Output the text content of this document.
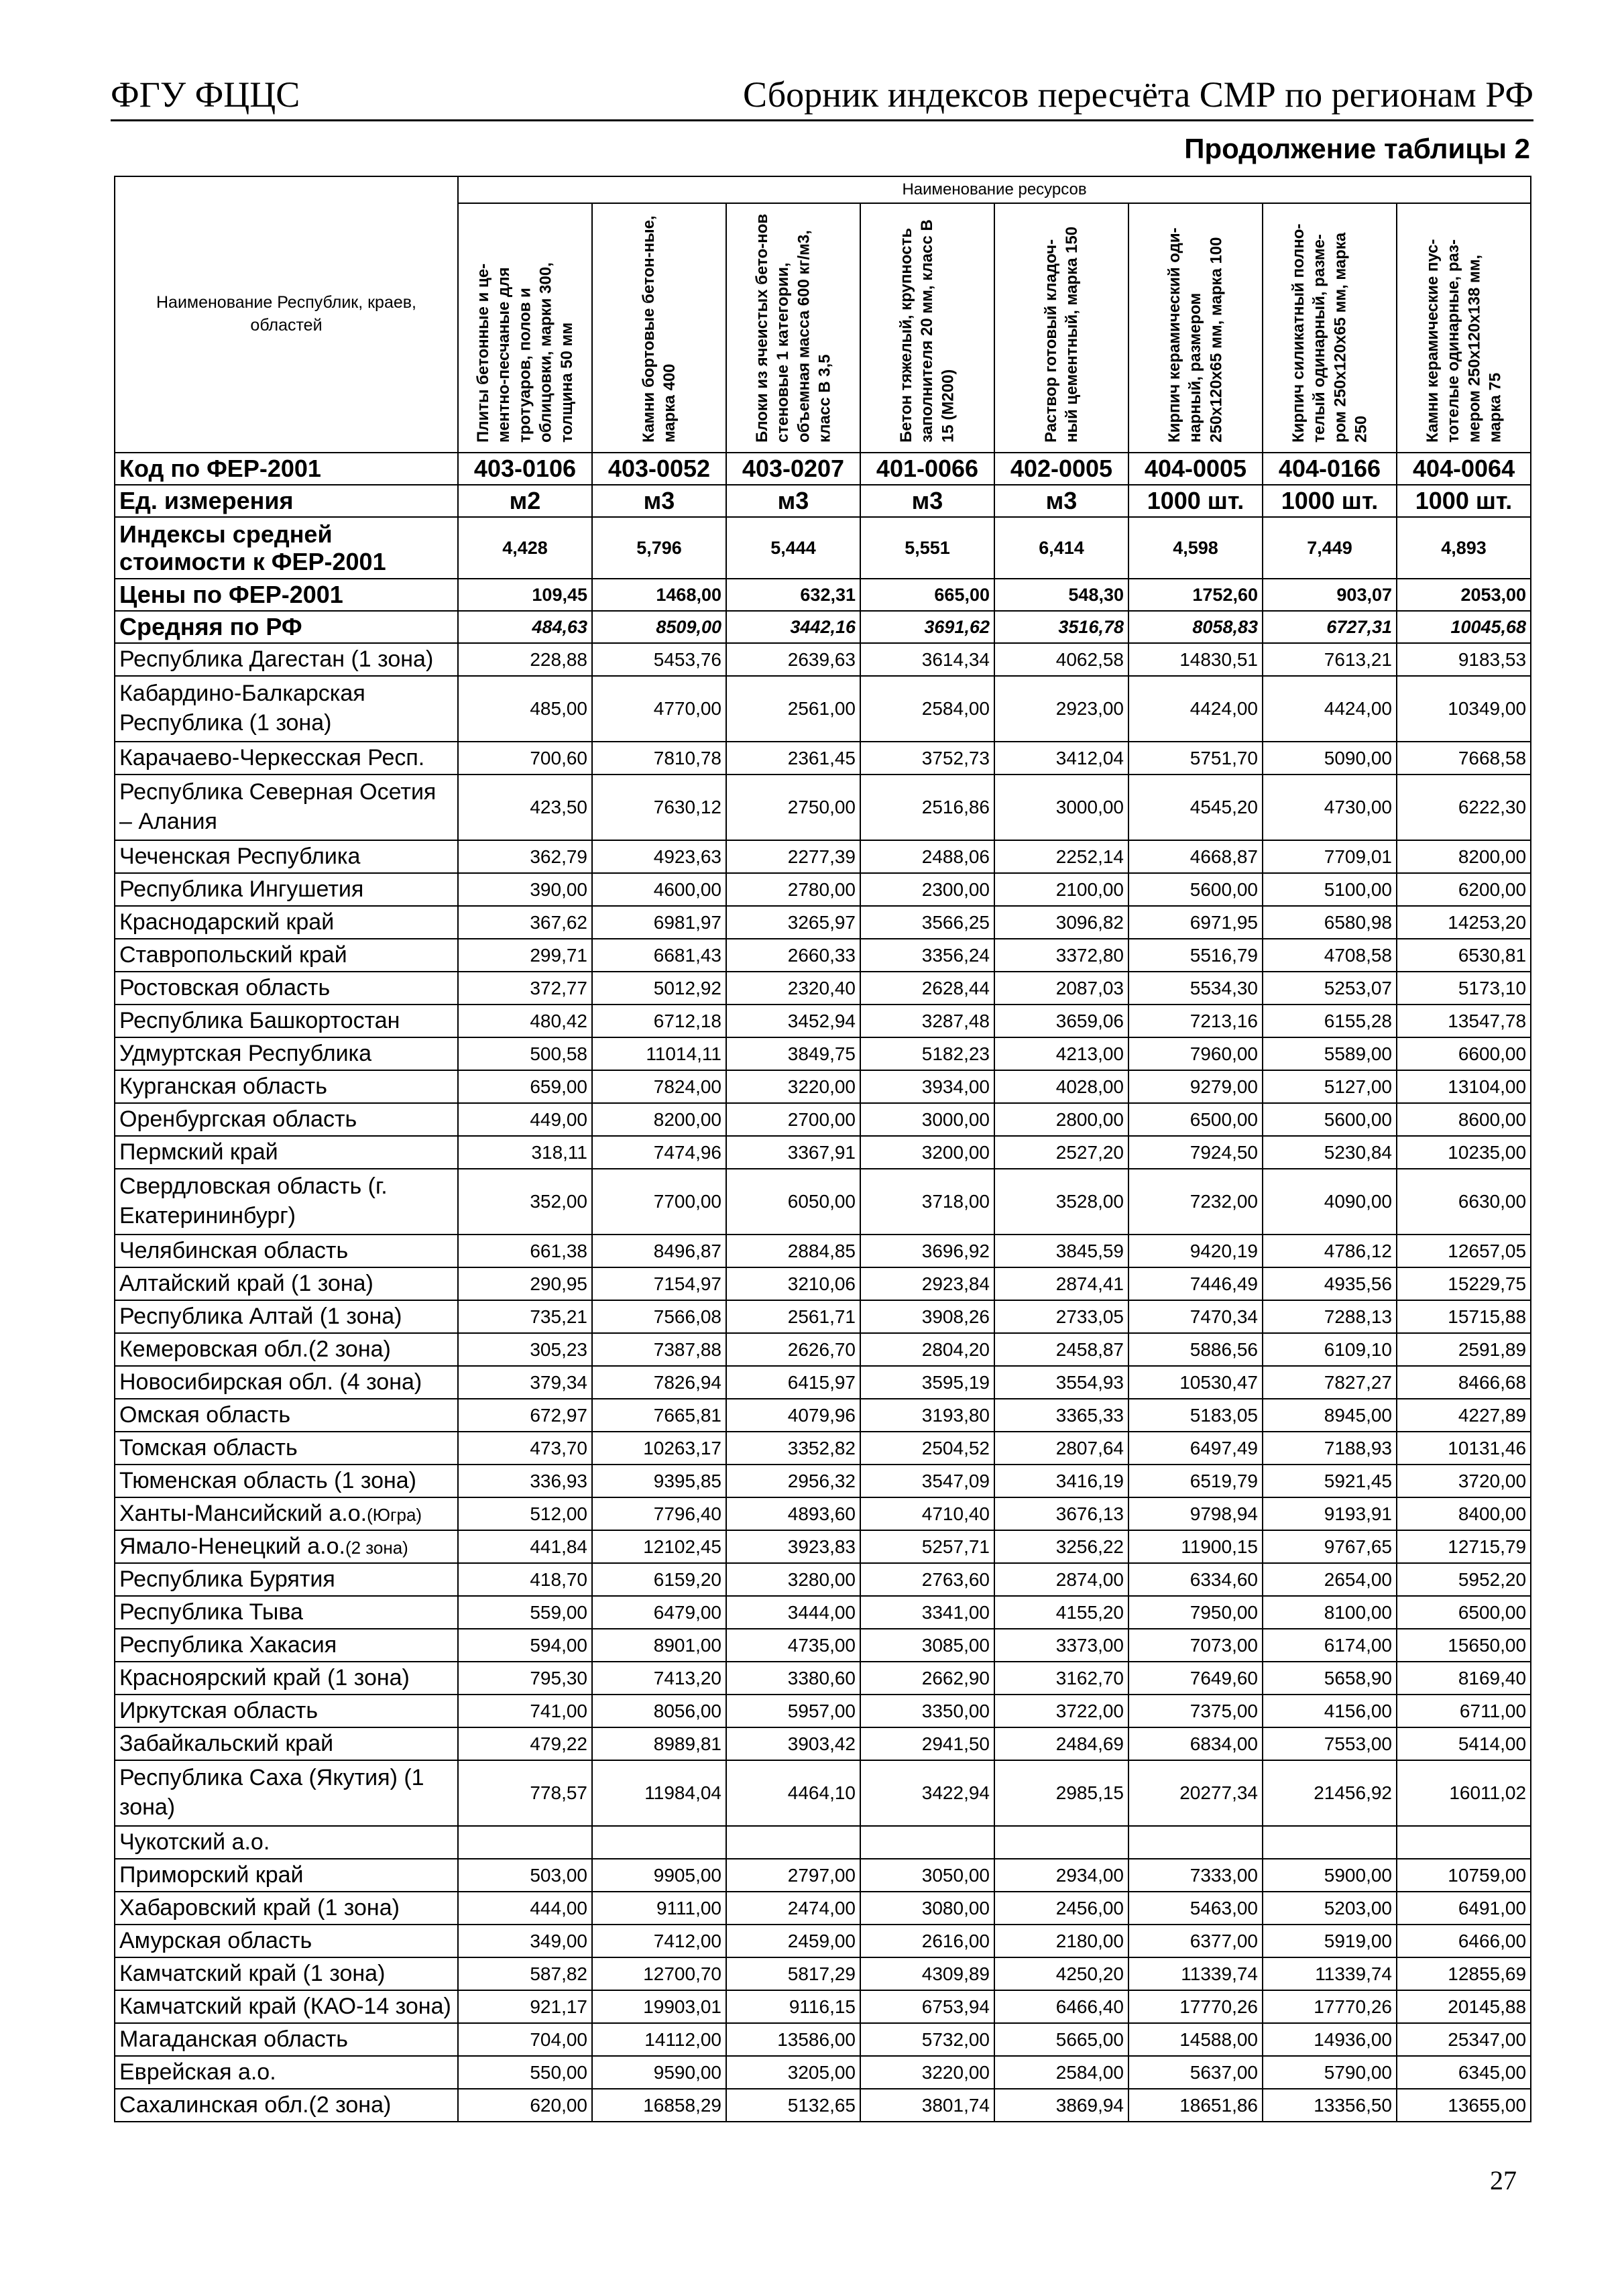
ФГУ ФЦЦС	Сборник индексов пересчёта СМР по регионам РФ
Продолжение таблицы 2
Наименование Республик, краев, областей	Наименование ресурсов							

	Плиты бетонные и це-ментно-песчаные для тротуаров, полов и облицовки, марки 300, толщина 50 мм	Камни бортовые бетон-ные, марка 400	Блоки из ячеистых бето-нов стеновые 1 категории, объемная масса 600 кг/м3, класс В 3,5	Бетон тяжелый, крупность заполнителя 20 мм, класс В 15 (М200)	Раствор готовый кладоч-ный цементный, марка 150	Кирпич керамический оди-нарный, размером 250х120х65 мм, марка 100	Кирпич силикатный полно-телый одинарный, разме-ром 250х120х65 мм, марка 250	Камни керамические пус-тотелые одинарные, раз-мером 250х120х138 мм, марка 75

Код по ФЕР-2001	403-0106	403-0052	403-0207	401-0066	402-0005	404-0005	404-0166	404-0064
Ед. измерения	м2	м3	м3	м3	м3	1000 шт.	1000 шт.	1000 шт.
Индексы средней стоимости к ФЕР-2001	4,428	5,796	5,444	5,551	6,414	4,598	7,449	4,893
Цены по ФЕР-2001	109,45	1468,00	632,31	665,00	548,30	1752,60	903,07	2053,00
Средняя по РФ	484,63	8509,00	3442,16	3691,62	3516,78	8058,83	6727,31	10045,68
Республика Дагестан (1 зона)	228,88	5453,76	2639,63	3614,34	4062,58	14830,51	7613,21	9183,53
Кабардино-Балкарская Республика (1 зона)	485,00	4770,00	2561,00	2584,00	2923,00	4424,00	4424,00	10349,00
Карачаево-Черкесская Респ.	700,60	7810,78	2361,45	3752,73	3412,04	5751,70	5090,00	7668,58
Республика Северная Осетия – Алания	423,50	7630,12	2750,00	2516,86	3000,00	4545,20	4730,00	6222,30
Чеченская Республика	362,79	4923,63	2277,39	2488,06	2252,14	4668,87	7709,01	8200,00
Республика Ингушетия	390,00	4600,00	2780,00	2300,00	2100,00	5600,00	5100,00	6200,00
Краснодарский край	367,62	6981,97	3265,97	3566,25	3096,82	6971,95	6580,98	14253,20
Ставропольский край	299,71	6681,43	2660,33	3356,24	3372,80	5516,79	4708,58	6530,81
Ростовская область	372,77	5012,92	2320,40	2628,44	2087,03	5534,30	5253,07	5173,10
Республика Башкортостан	480,42	6712,18	3452,94	3287,48	3659,06	7213,16	6155,28	13547,78
Удмуртская Республика	500,58	11014,11	3849,75	5182,23	4213,00	7960,00	5589,00	6600,00
Курганская область	659,00	7824,00	3220,00	3934,00	4028,00	9279,00	5127,00	13104,00
Оренбургская область	449,00	8200,00	2700,00	3000,00	2800,00	6500,00	5600,00	8600,00
Пермский край	318,11	7474,96	3367,91	3200,00	2527,20	7924,50	5230,84	10235,00
Свердловская область (г. Екатерининбург)	352,00	7700,00	6050,00	3718,00	3528,00	7232,00	4090,00	6630,00
Челябинская область	661,38	8496,87	2884,85	3696,92	3845,59	9420,19	4786,12	12657,05
Алтайский край (1 зона)	290,95	7154,97	3210,06	2923,84	2874,41	7446,49	4935,56	15229,75
Республика Алтай (1 зона)	735,21	7566,08	2561,71	3908,26	2733,05	7470,34	7288,13	15715,88
Кемеровская обл.(2 зона)	305,23	7387,88	2626,70	2804,20	2458,87	5886,56	6109,10	2591,89
Новосибирская обл. (4 зона)	379,34	7826,94	6415,97	3595,19	3554,93	10530,47	7827,27	8466,68
Омская область	672,97	7665,81	4079,96	3193,80	3365,33	5183,05	8945,00	4227,89
Томская область	473,70	10263,17	3352,82	2504,52	2807,64	6497,49	7188,93	10131,46
Тюменская область (1 зона)	336,93	9395,85	2956,32	3547,09	3416,19	6519,79	5921,45	3720,00
Ханты-Мансийский а.о.(Югра)	512,00	7796,40	4893,60	4710,40	3676,13	9798,94	9193,91	8400,00
Ямало-Ненецкий а.о.(2 зона)	441,84	12102,45	3923,83	5257,71	3256,22	11900,15	9767,65	12715,79
Республика Бурятия	418,70	6159,20	3280,00	2763,60	2874,00	6334,60	2654,00	5952,20
Республика Тыва	559,00	6479,00	3444,00	3341,00	4155,20	7950,00	8100,00	6500,00
Республика Хакасия	594,00	8901,00	4735,00	3085,00	3373,00	7073,00	6174,00	15650,00
Красноярский край (1 зона)	795,30	7413,20	3380,60	2662,90	3162,70	7649,60	5658,90	8169,40
Иркутская область	741,00	8056,00	5957,00	3350,00	3722,00	7375,00	4156,00	6711,00
Забайкальский край	479,22	8989,81	3903,42	2941,50	2484,69	6834,00	7553,00	5414,00
Республика Саха (Якутия) (1 зона)	778,57	11984,04	4464,10	3422,94	2985,15	20277,34	21456,92	16011,02
Чукотский а.о.								
Приморский край	503,00	9905,00	2797,00	3050,00	2934,00	7333,00	5900,00	10759,00
Хабаровский край (1 зона)	444,00	9111,00	2474,00	3080,00	2456,00	5463,00	5203,00	6491,00
Амурская область	349,00	7412,00	2459,00	2616,00	2180,00	6377,00	5919,00	6466,00
Камчатский край (1 зона)	587,82	12700,70	5817,29	4309,89	4250,20	11339,74	11339,74	12855,69
Камчатский край (КАО-14 зона)	921,17	19903,01	9116,15	6753,94	6466,40	17770,26	17770,26	20145,88
Магаданская область	704,00	14112,00	13586,00	5732,00	5665,00	14588,00	14936,00	25347,00
Еврейская а.о.	550,00	9590,00	3205,00	3220,00	2584,00	5637,00	5790,00	6345,00
Сахалинская обл.(2 зона)	620,00	16858,29	5132,65	3801,74	3869,94	18651,86	13356,50	13655,00
27
